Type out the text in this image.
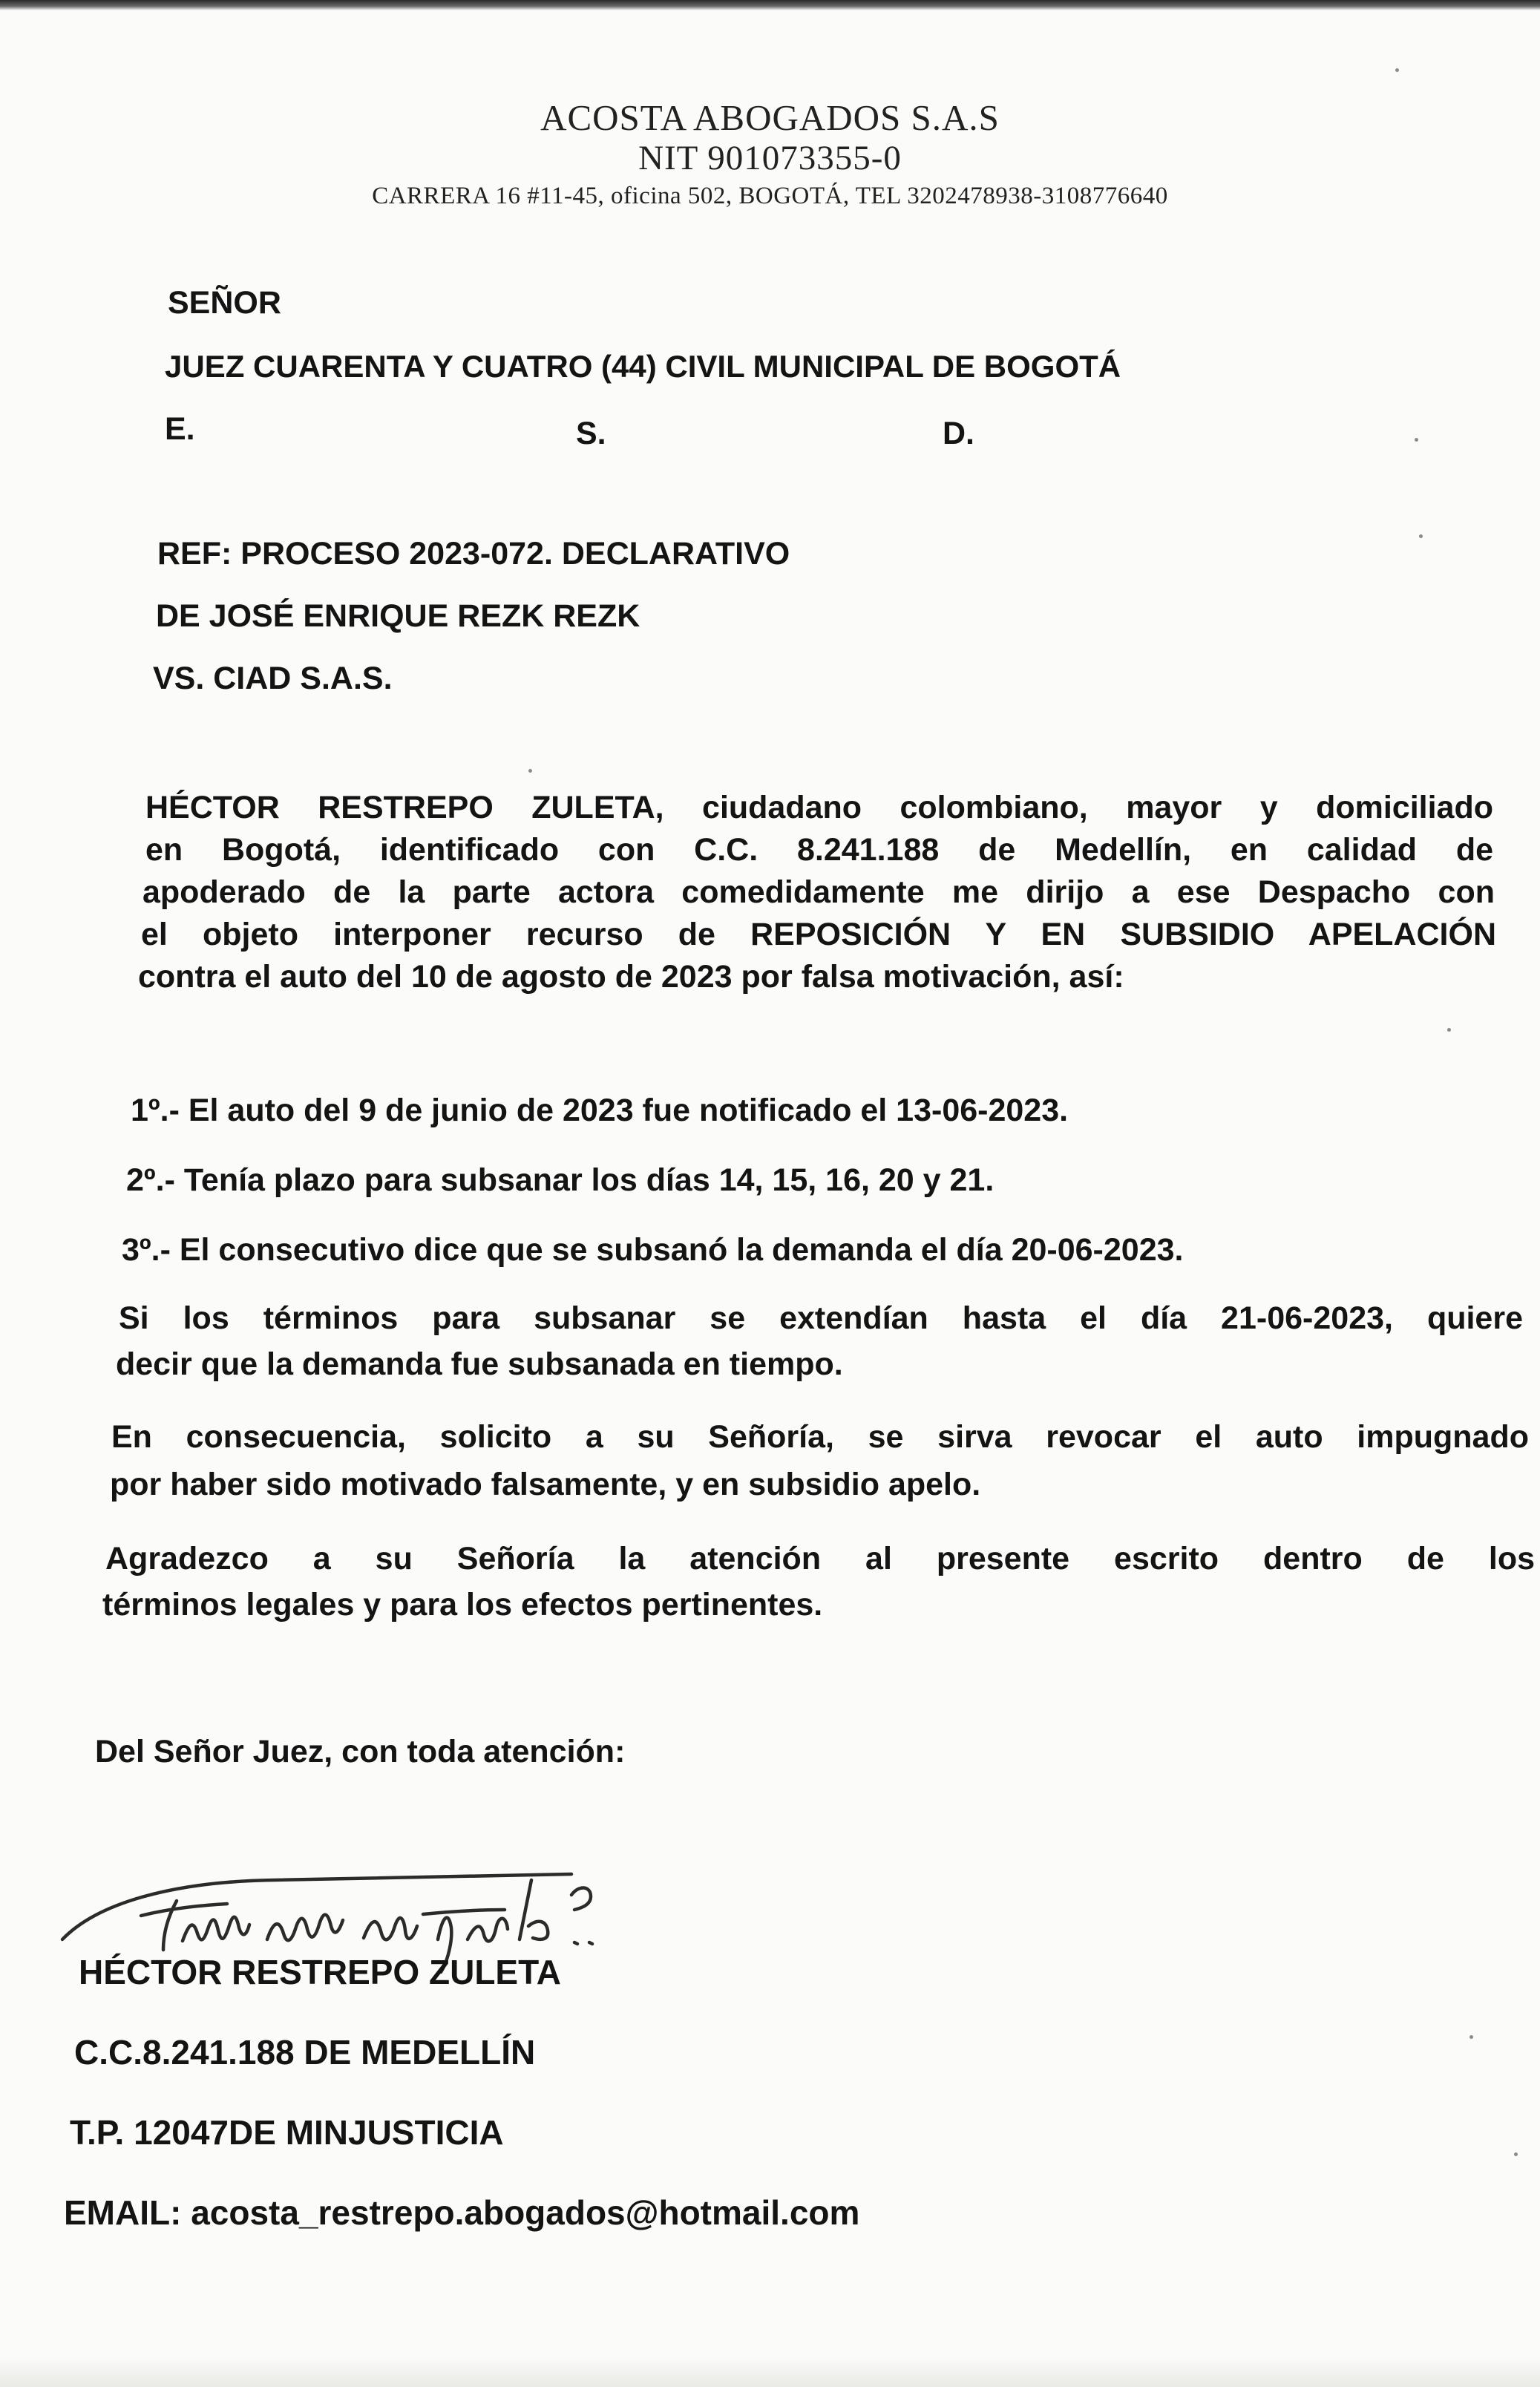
ACOSTA ABOGADOS S.A.S
NIT 901073355-0
CARRERA 16 #11-45, oficina 502, BOGOTÁ, TEL 3202478938-3108776640
SEÑOR
JUEZ CUARENTA Y CUATRO (44) CIVIL MUNICIPAL DE BOGOTÁ
E.	S.	D.
REF: PROCESO 2023-072. DECLARATIVO
DE JOSÉ ENRIQUE REZK REZK
VS. CIAD S.A.S.
HÉCTOR RESTREPO ZULETA, ciudadano colombiano, mayor y domiciliado
en Bogotá, identificado con C.C. 8.241.188 de Medellín, en calidad de
apoderado de la parte actora comedidamente me dirijo a ese Despacho con
el objeto interponer recurso de REPOSICIÓN Y EN SUBSIDIO APELACIÓN
contra el auto del 10 de agosto de 2023 por falsa motivación, así:
1º.- El auto del 9 de junio de 2023 fue notificado el 13-06-2023.
2º.- Tenía plazo para subsanar los días 14, 15, 16, 20 y 21.
3º.- El consecutivo dice que se subsanó la demanda el día 20-06-2023.
Si los términos para subsanar se extendían hasta el día 21-06-2023, quiere
decir que la demanda fue subsanada en tiempo.
En consecuencia, solicito a su Señoría, se sirva revocar el auto impugnado
por haber sido motivado falsamente, y en subsidio apelo.
Agradezco a su Señoría la atención al presente escrito dentro de los
términos legales y para los efectos pertinentes.
Del Señor Juez, con toda atención:
HÉCTOR RESTREPO ZULETA
C.C.8.241.188 DE MEDELLÍN
T.P. 12047DE MINJUSTICIA
EMAIL: acosta_restrepo.abogados@hotmail.com
